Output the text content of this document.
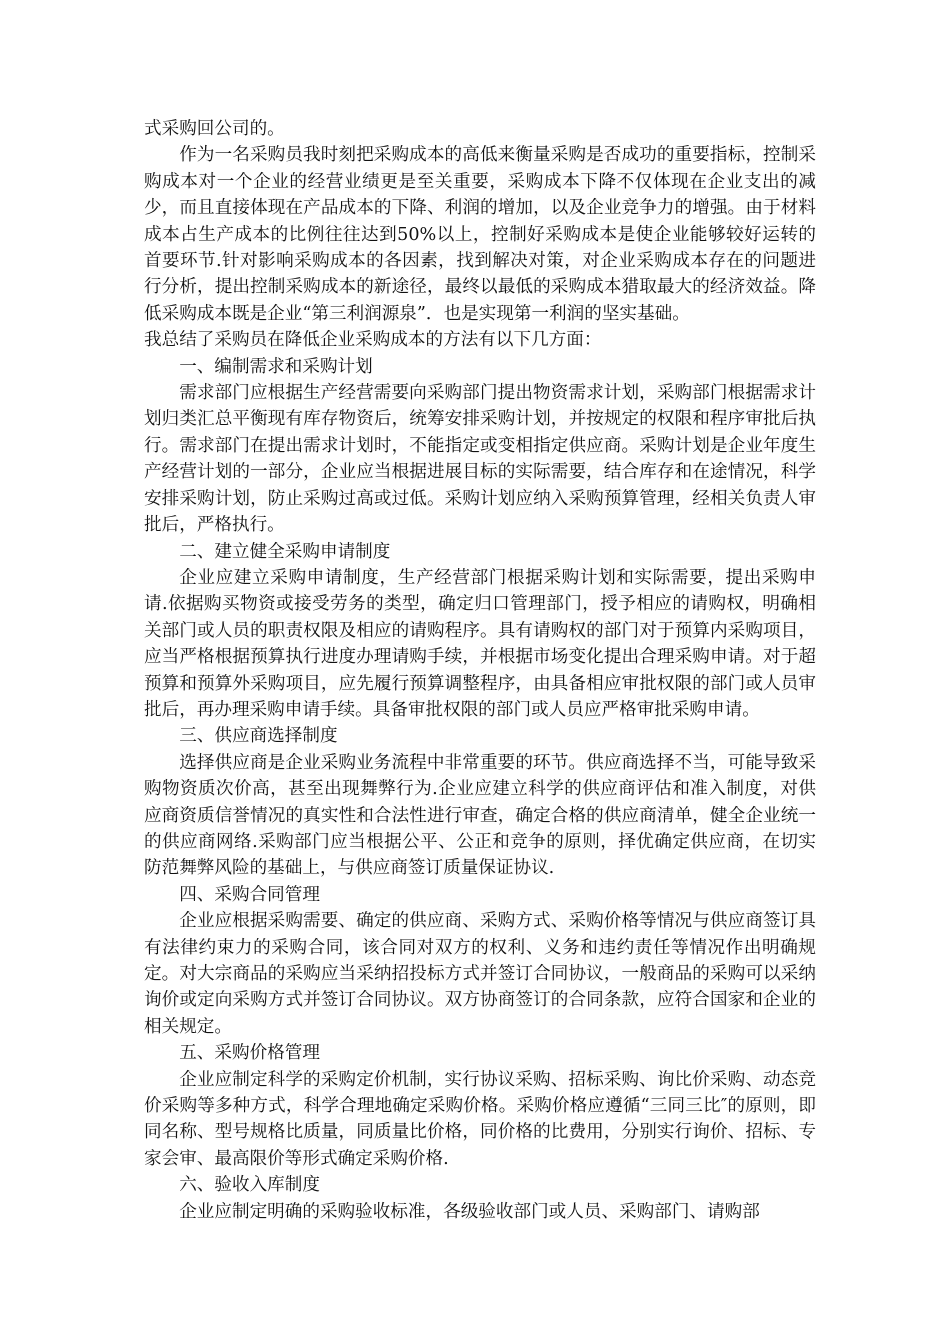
式采购回公司的。

作为一名采购员我时刻把采购成本的高低来衡量采购是否成功的重要指标，控制采购成本对一个企业的经营业绩更是至关重要，采购成本下降不仅体现在企业支出的减少，而且直接体现在产品成本的下降、利润的增加，以及企业竞争力的增强。由于材料成本占生产成本的比例往往达到50%以上，控制好采购成本是使企业能够较好运转的首要环节.针对影响采购成本的各因素，找到解决对策，对企业采购成本存在的问题进行分析，提出控制采购成本的新途径，最终以最低的采购成本猎取最大的经济效益。降低采购成本既是企业“第三利润源泉”．也是实现第一利润的坚实基础。

我总结了采购员在降低企业采购成本的方法有以下几方面：

一、编制需求和采购计划

需求部门应根据生产经营需要向采购部门提出物资需求计划，采购部门根据需求计划归类汇总平衡现有库存物资后，统筹安排采购计划，并按规定的权限和程序审批后执行。需求部门在提出需求计划时，不能指定或变相指定供应商。采购计划是企业年度生产经营计划的一部分，企业应当根据进展目标的实际需要，结合库存和在途情况，科学安排采购计划，防止采购过高或过低。采购计划应纳入采购预算管理，经相关负责人审批后，严格执行。

二、建立健全采购申请制度

企业应建立采购申请制度，生产经营部门根据采购计划和实际需要，提出采购申请.依据购买物资或接受劳务的类型，确定归口管理部门，授予相应的请购权，明确相关部门或人员的职责权限及相应的请购程序。具有请购权的部门对于预算内采购项目，应当严格根据预算执行进度办理请购手续，并根据市场变化提出合理采购申请。对于超预算和预算外采购项目，应先履行预算调整程序，由具备相应审批权限的部门或人员审批后，再办理采购申请手续。具备审批权限的部门或人员应严格审批采购申请。

三、供应商选择制度

选择供应商是企业采购业务流程中非常重要的环节。供应商选择不当，可能导致采购物资质次价高，甚至出现舞弊行为.企业应建立科学的供应商评估和准入制度，对供应商资质信誉情况的真实性和合法性进行审查，确定合格的供应商清单，健全企业统一的供应商网络.采购部门应当根据公平、公正和竞争的原则，择优确定供应商，在切实防范舞弊风险的基础上，与供应商签订质量保证协议.

四、采购合同管理

企业应根据采购需要、确定的供应商、采购方式、采购价格等情况与供应商签订具有法律约束力的采购合同，该合同对双方的权利、义务和违约责任等情况作出明确规定。对大宗商品的采购应当采纳招投标方式并签订合同协议，一般商品的采购可以采纳询价或定向采购方式并签订合同协议。双方协商签订的合同条款，应符合国家和企业的相关规定。

五、采购价格管理

企业应制定科学的采购定价机制，实行协议采购、招标采购、询比价采购、动态竞价采购等多种方式，科学合理地确定采购价格。采购价格应遵循“三同三比″的原则，即同名称、型号规格比质量，同质量比价格，同价格的比费用，分别实行询价、招标、专家会审、最高限价等形式确定采购价格.

六、验收入库制度

企业应制定明确的采购验收标准，各级验收部门或人员、采购部门、请购部
